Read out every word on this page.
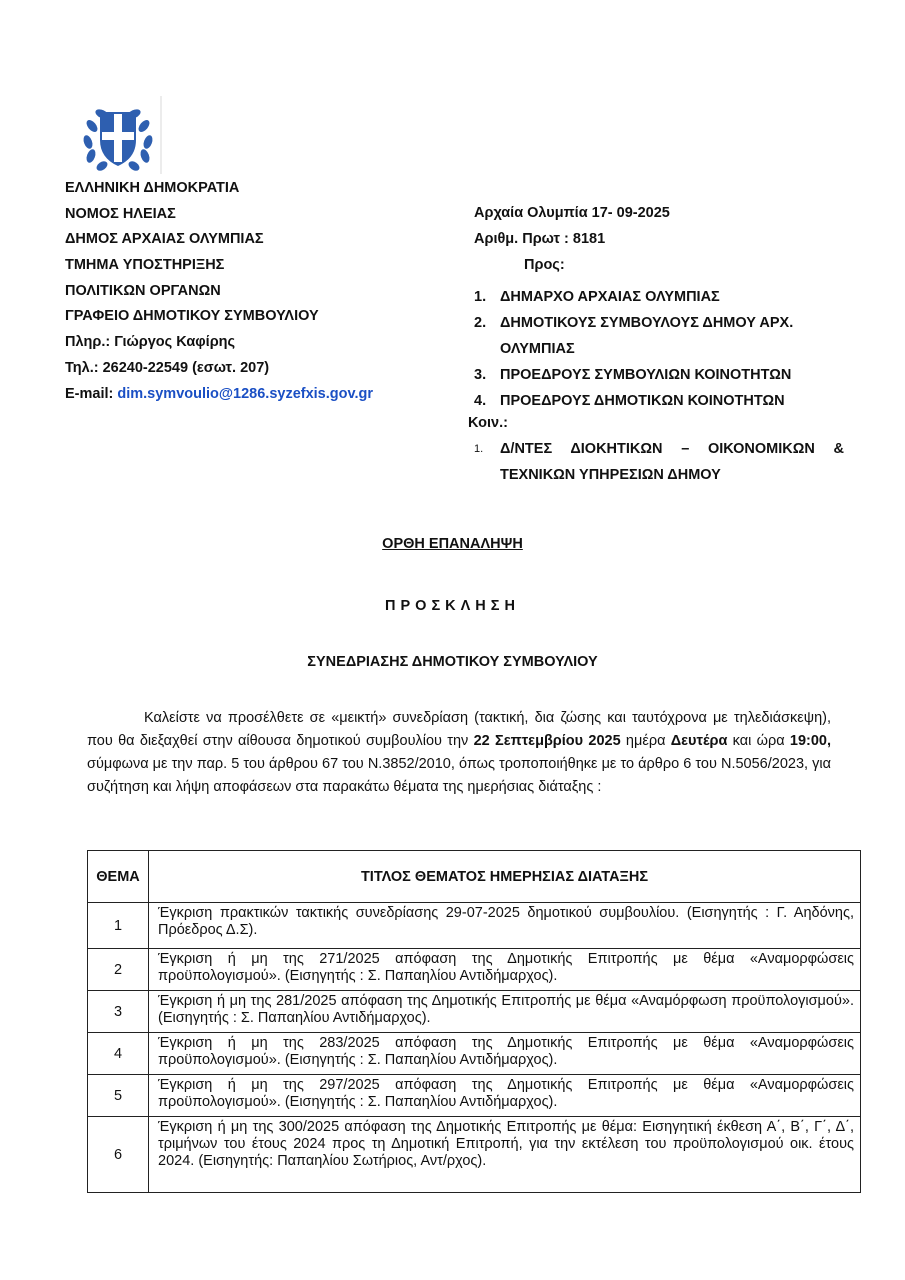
ΕΛΛΗΝΙΚΗ ΔΗΜΟΚΡΑΤΙΑ
ΝΟΜΟΣ ΗΛΕΙΑΣ
ΔΗΜΟΣ ΑΡΧΑΙΑΣ ΟΛΥΜΠΙΑΣ
ΤΜΗΜΑ ΥΠΟΣΤΗΡΙΞΗΣ
ΠΟΛΙΤΙΚΩΝ ΟΡΓΑΝΩΝ
ΓΡΑΦΕΙΟ ΔΗΜΟΤΙΚΟΥ ΣΥΜΒΟΥΛΙΟΥ
Πληρ.: Γιώργος Καφίρης
Τηλ.: 26240-22549 (εσωτ. 207)
E-mail: dim.symvoulio@1286.syzefxis.gov.gr
Αρχαία Ολυμπία 17- 09-2025
Αριθμ. Πρωτ : 8181
Προς:
1. ΔΗΜΑΡΧΟ ΑΡΧΑΙΑΣ ΟΛΥΜΠΙΑΣ
2. ΔΗΜΟΤΙΚΟΥΣ ΣΥΜΒΟΥΛΟΥΣ ΔΗΜΟΥ ΑΡΧ. ΟΛΥΜΠΙΑΣ
3. ΠΡΟΕΔΡΟΥΣ ΣΥΜΒΟΥΛΙΩΝ ΚΟΙΝΟΤΗΤΩΝ
4. ΠΡΟΕΔΡΟΥΣ ΔΗΜΟΤΙΚΩΝ ΚΟΙΝΟΤΗΤΩΝ
Κοιν.:
1.	Δ/ΝΤΕΣ ΔΙΟΚΗΤΙΚΩΝ – ΟΙΚΟΝΟΜΙΚΩΝ & ΤΕΧΝΙΚΩΝ ΥΠΗΡΕΣΙΩΝ ΔΗΜΟΥ
ΟΡΘΗ ΕΠΑΝΑΛΗΨΗ
ΠΡΟΣΚΛΗΣΗ
ΣΥΝΕΔΡΙΑΣΗΣ ΔΗΜΟΤΙΚΟΥ ΣΥΜΒΟΥΛΙΟΥ

Καλείστε να προσέλθετε σε «μεικτή» συνεδρίαση (τακτική, δια ζώσης και ταυτόχρονα με τηλεδιάσκεψη), που θα διεξαχθεί στην αίθουσα δημοτικού συμβουλίου την 22 Σεπτεμβρίου 2025 ημέρα Δευτέρα και ώρα 19:00, σύμφωνα με την παρ. 5 του άρθρου 67 του Ν.3852/2010, όπως τροποποιήθηκε με το άρθρο 6 του Ν.5056/2023, για συζήτηση και λήψη αποφάσεων στα παρακάτω θέματα της ημερήσιας διάταξης :

ΘΕΜΑ	ΤΙΤΛΟΣ ΘΕΜΑΤΟΣ ΗΜΕΡΗΣΙΑΣ ΔΙΑΤΑΞΗΣ
1	Έγκριση πρακτικών τακτικής συνεδρίασης 29-07-2025 δημοτικού συμβουλίου. (Εισηγητής : Γ. Αηδόνης, Πρόεδρος Δ.Σ).
2	Έγκριση ή μη της 271/2025 απόφαση της Δημοτικής Επιτροπής με θέμα «Αναμορφώσεις προϋπολογισμού». (Εισηγητής : Σ. Παπαηλίου Αντιδήμαρχος).
3	Έγκριση ή μη της 281/2025 απόφαση της Δημοτικής Επιτροπής με θέμα «Αναμόρφωση προϋπολογισμού». (Εισηγητής : Σ. Παπαηλίου Αντιδήμαρχος).
4	Έγκριση ή μη της 283/2025 απόφαση της Δημοτικής Επιτροπής με θέμα «Αναμορφώσεις προϋπολογισμού». (Εισηγητής : Σ. Παπαηλίου Αντιδήμαρχος).
5	Έγκριση ή μη της 297/2025 απόφαση της Δημοτικής Επιτροπής με θέμα «Αναμορφώσεις προϋπολογισμού». (Εισηγητής : Σ. Παπαηλίου Αντιδήμαρχος).
6	Έγκριση ή μη της 300/2025 απόφαση της Δημοτικής Επιτροπής με θέμα: Εισηγητική έκθεση Α΄, Β΄, Γ΄, Δ΄, τριμήνων του έτους 2024 προς τη Δημοτική Επιτροπή, για την εκτέλεση του προϋπολογισμού οικ. έτους 2024. (Εισηγητής: Παπαηλίου Σωτήριος, Αντ/ρχος).
